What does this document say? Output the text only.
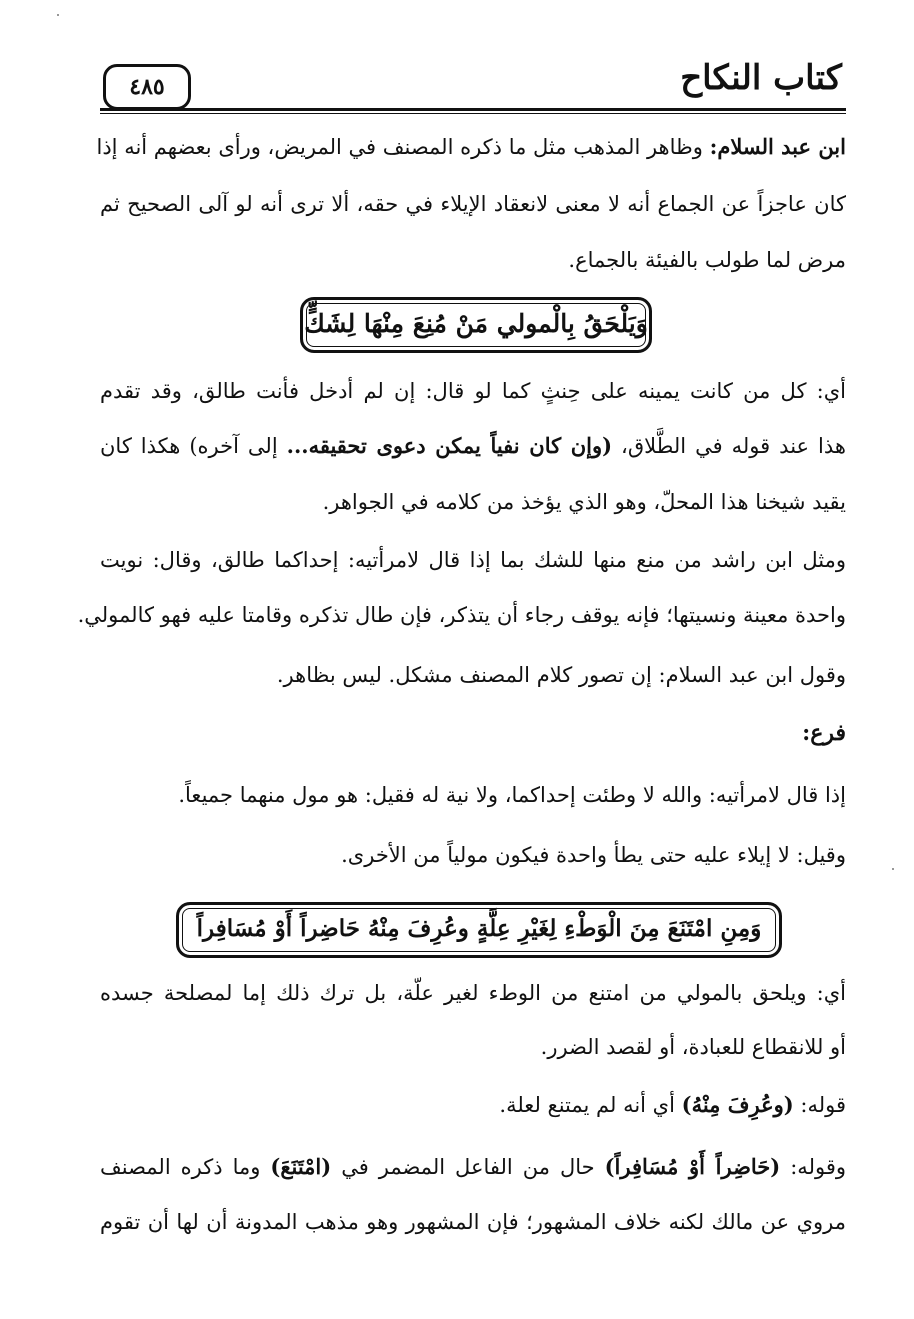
كتاب النكاح
٤٨٥
ابن عبد السلام: وظاهر المذهب مثل ما ذكره المصنف في المريض، ورأى بعضهم أنه إذا
كان عاجزاً عن الجماع أنه لا معنى لانعقاد الإيلاء في حقه، ألا ترى أنه لو آلى الصحيح ثم
مرض لما طولب بالفيئة بالجماع.
وَيَلْحَقُ بِالْمولي مَنْ مُنِعَ مِنْهَا لِشَكٍّ
أي: كل من كانت يمينه على حِنثٍ كما لو قال: إن لم أدخل فأنت طالق، وقد تقدم
هذا عند قوله في الطَّلاق، (وإن كان نفياً يمكن دعوى تحقيقه... إلى آخره) هكذا كان
يقيد شيخنا هذا المحلّ، وهو الذي يؤخذ من كلامه في الجواهر.
ومثل ابن راشد من منع منها للشك بما إذا قال لامرأتيه: إحداكما طالق، وقال: نويت
واحدة معينة ونسيتها؛ فإنه يوقف رجاء أن يتذكر، فإن طال تذكره وقامتا عليه فهو كالمولي.
وقول ابن عبد السلام: إن تصور كلام المصنف مشكل. ليس بظاهر.
فرع:
إذا قال لامرأتيه: والله لا وطئت إحداكما، ولا نية له فقيل: هو مول منهما جميعاً.
وقيل: لا إيلاء عليه حتى يطأ واحدة فيكون مولياً من الأخرى.
وَمِنِ امْتَنَعَ مِنَ الْوَطْءِ لِغَيْرِ عِلَّةٍ وعُرِفَ مِنْهُ حَاضِراً أَوْ مُسَافِراً
أي: ويلحق بالمولي من امتنع من الوطء لغير علّة، بل ترك ذلك إما لمصلحة جسده
أو للانقطاع للعبادة، أو لقصد الضرر.
قوله: (وعُرِفَ مِنْهُ) أي أنه لم يمتنع لعلة.
وقوله: (حَاضِراً أَوْ مُسَافِراً) حال من الفاعل المضمر في (امْتَنَعَ) وما ذكره المصنف
مروي عن مالك لكنه خلاف المشهور؛ فإن المشهور وهو مذهب المدونة أن لها أن تقوم
